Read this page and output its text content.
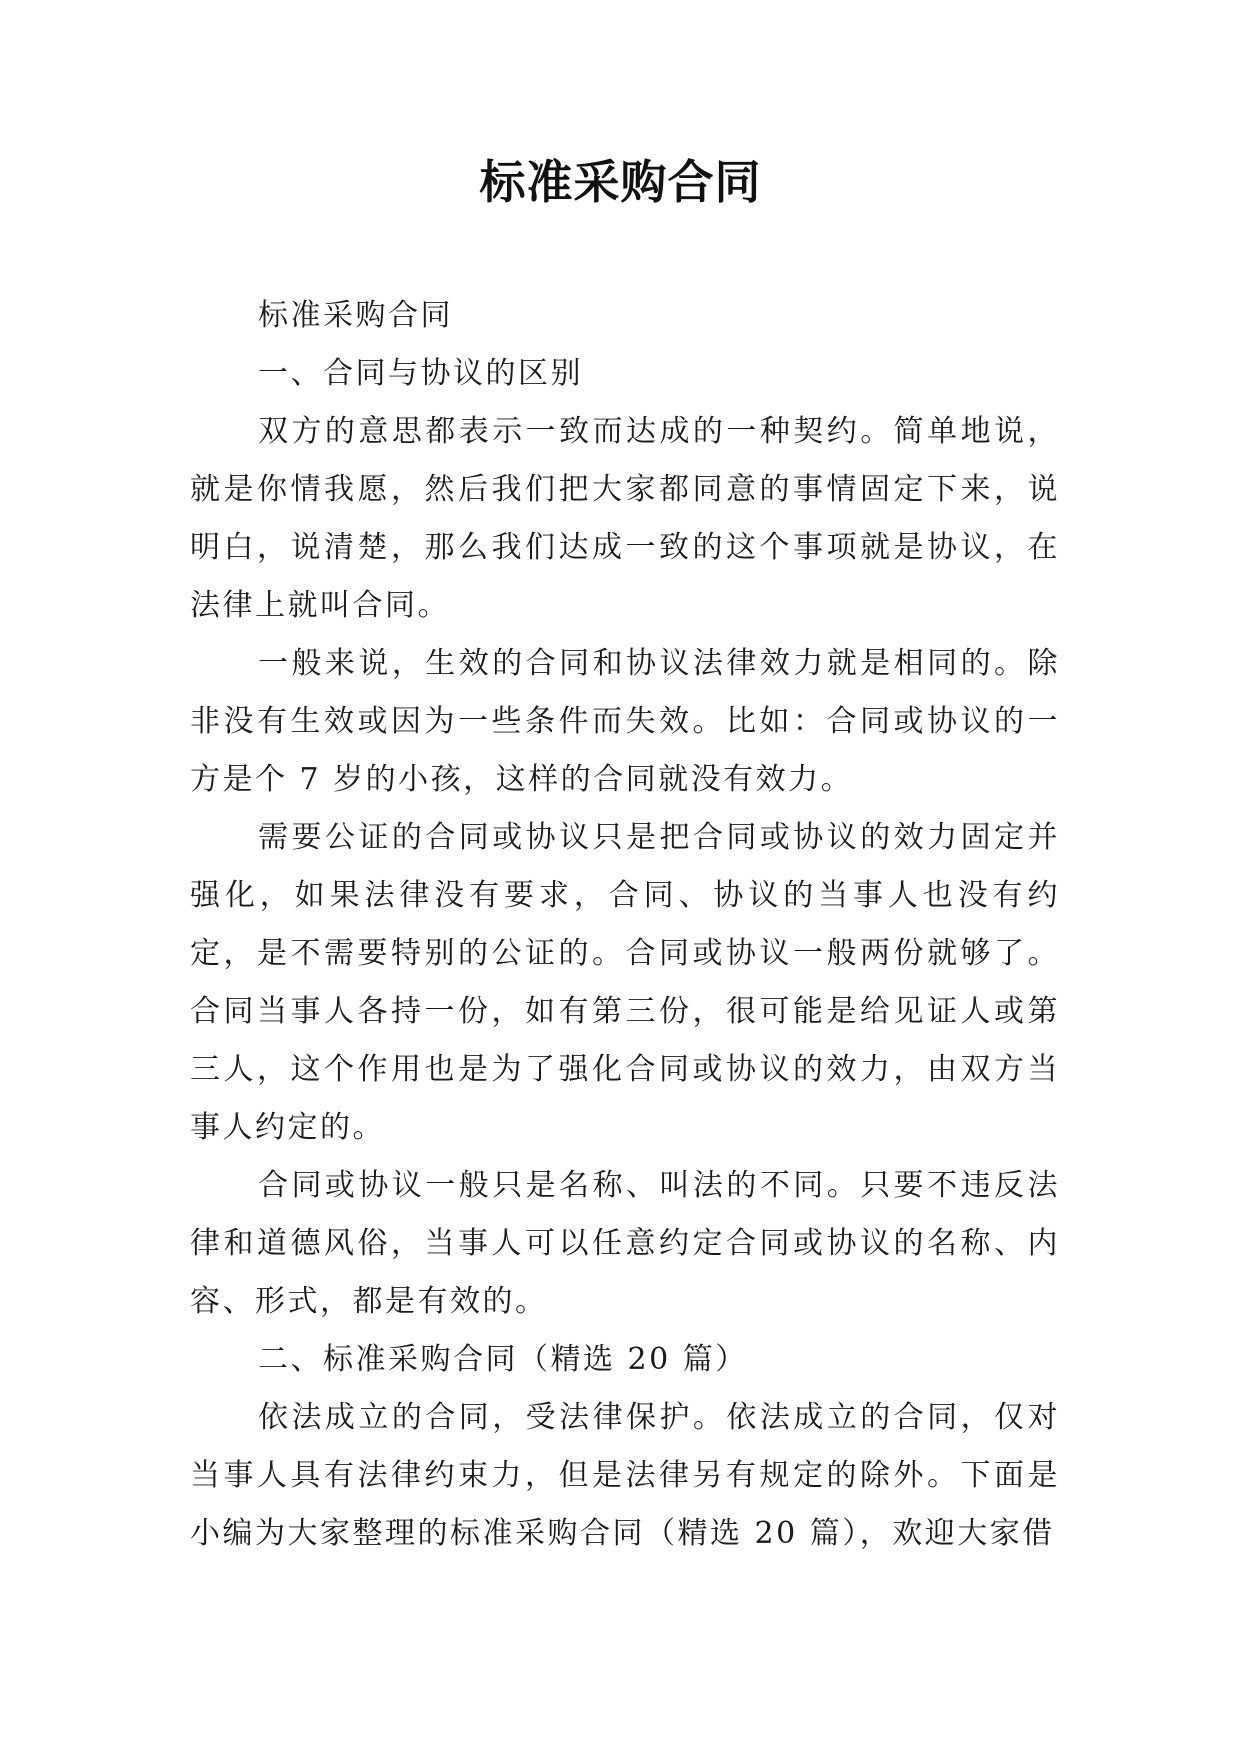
标准采购合同

标准采购合同

一、合同与协议的区别

双方的意思都表示一致而达成的一种契约。简单地说，就是你情我愿，然后我们把大家都同意的事情固定下来，说明白，说清楚，那么我们达成一致的这个事项就是协议，在法律上就叫合同。

一般来说，生效的合同和协议法律效力就是相同的。除非没有生效或因为一些条件而失效。比如：合同或协议的一方是个 7 岁的小孩，这样的合同就没有效力。

需要公证的合同或协议只是把合同或协议的效力固定并强化，如果法律没有要求，合同、协议的当事人也没有约定，是不需要特别的公证的。合同或协议一般两份就够了。合同当事人各持一份，如有第三份，很可能是给见证人或第三人，这个作用也是为了强化合同或协议的效力，由双方当事人约定的。

合同或协议一般只是名称、叫法的不同。只要不违反法律和道德风俗，当事人可以任意约定合同或协议的名称、内容、形式，都是有效的。

二、标准采购合同（精选 20 篇）

依法成立的合同，受法律保护。依法成立的合同，仅对当事人具有法律约束力，但是法律另有规定的除外。下面是小编为大家整理的标准采购合同（精选 20 篇），欢迎大家借
